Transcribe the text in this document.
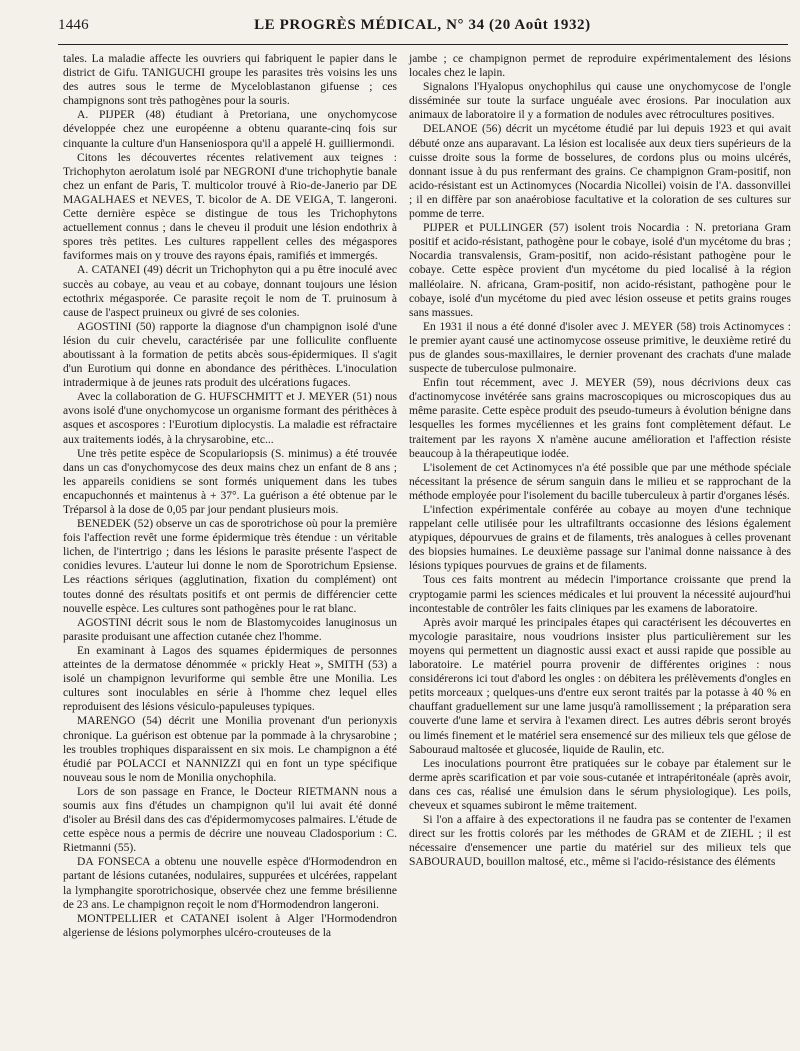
1446	LE PROGRÈS MÉDICAL, N° 34 (20 Août 1932)

tales. La maladie affecte les ouvriers qui fabriquent le papier dans le district de Gifu. TANIGUCHI groupe les parasites très voisins les uns des autres sous le terme de Myceloblastanon gifuense ; ces champignons sont très pathogènes pour la souris.

A. PIJPER (48) étudiant à Pretoriana, une onychomycose développée chez une européenne a obtenu quarante-cinq fois sur cinquante la culture d'un Hanseniospora qu'il a appelé H. guilliermondi.

Citons les découvertes récentes relativement aux teignes : Trichophyton aerolatum isolé par NEGRONI d'une trichophytie banale chez un enfant de Paris, T. multicolor trouvé à Rio-de-Janerio par DE MAGALHAES et NEVES, T. bicolor de A. DE VEIGA, T. langeroni. Cette dernière espèce se distingue de tous les Trichophytons actuellement connus ; dans le cheveu il produit une lésion endothrix à spores très petites. Les cultures rappellent celles des mégaspores faviformes mais on y trouve des rayons épais, ramifiés et immergés.

A. CATANEI (49) décrit un Trichophyton qui a pu être inoculé avec succès au cobaye, au veau et au cobaye, donnant toujours une lésion ectothrix mégasporée. Ce parasite reçoit le nom de T. pruinosum à cause de l'aspect pruineux ou givré de ses colonies.

AGOSTINI (50) rapporte la diagnose d'un champignon isolé d'une lésion du cuir chevelu, caractérisée par une folliculite confluente aboutissant à la formation de petits abcès sous-épidermiques. Il s'agit d'un Eurotium qui donne en abondance des périthèces. L'inoculation intradermique à de jeunes rats produit des ulcérations fugaces.

Avec la collaboration de G. HUFSCHMITT et J. MEYER (51) nous avons isolé d'une onychomycose un organisme formant des périthèces à asques et ascospores : l'Eurotium diplocystis. La maladie est réfractaire aux traitements iodés, à la chrysarobine, etc...

Une très petite espèce de Scopulariopsis (S. minimus) a été trouvée dans un cas d'onychomycose des deux mains chez un enfant de 8 ans ; les appareils conidiens se sont formés uniquement dans les tubes encapuchonnés et maintenus à + 37°. La guérison a été obtenue par le Tréparsol à la dose de 0,05 par jour pendant plusieurs mois.

BENEDEK (52) observe un cas de sporotrichose où pour la première fois l'affection revêt une forme épidermique très étendue : un véritable lichen, de l'intertrigo ; dans les lésions le parasite présente l'aspect de conidies levures. L'auteur lui donne le nom de Sporotrichum Epsiense. Les réactions sériques (agglutination, fixation du complément) ont toutes donné des résultats positifs et ont permis de différencier cette nouvelle espèce. Les cultures sont pathogènes pour le rat blanc.

AGOSTINI décrit sous le nom de Blastomycoides lanuginosus un parasite produisant une affection cutanée chez l'homme.

En examinant à Lagos des squames épidermiques de personnes atteintes de la dermatose dénommée « prickly Heat », SMITH (53) a isolé un champignon levuriforme qui semble être une Monilia. Les cultures sont inoculables en série à l'homme chez lequel elles reproduisent des lésions vésiculo-papuleuses typiques.

MARENGO (54) décrit une Monilia provenant d'un perionyxis chronique. La guérison est obtenue par la pommade à la chrysarobine ; les troubles trophiques disparaissent en six mois. Le champignon a été étudié par POLACCI et NANNIZZI qui en font un type spécifique nouveau sous le nom de Monilia onychophila.

Lors de son passage en France, le Docteur RIETMANN nous a soumis aux fins d'études un champignon qu'il lui avait été donné d'isoler au Brésil dans des cas d'épidermomycoses palmaires. L'étude de cette espèce nous a permis de décrire une nouveau Cladosporium : C. Rietmanni (55).

DA FONSECA a obtenu une nouvelle espèce d'Hormodendron en partant de lésions cutanées, nodulaires, suppurées et ulcérées, rappelant la lymphangite sporotrichosique, observée chez une femme brésilienne de 23 ans. Le champignon reçoit le nom d'Hormodendron langeroni.

MONTPELLIER et CATANEI isolent à Alger l'Hormodendron algeriense de lésions polymorphes ulcéro-crouteuses de la

jambe ; ce champignon permet de reproduire expérimentalement des lésions locales chez le lapin.

Signalons l'Hyalopus onychophilus qui cause une onychomycose de l'ongle disséminée sur toute la surface unguéale avec érosions. Par inoculation aux animaux de laboratoire il y a formation de nodules avec rétrocultures positives.

DELANOE (56) décrit un mycétome étudié par lui depuis 1923 et qui avait débuté onze ans auparavant. La lésion est localisée aux deux tiers supérieurs de la cuisse droite sous la forme de bosselures, de cordons plus ou moins ulcérés, donnant issue à du pus renfermant des grains. Ce champignon Gram-positif, non acido-résistant est un Actinomyces (Nocardia Nicollei) voisin de l'A. dassonvillei ; il en diffère par son anaérobiose facultative et la coloration de ses cultures sur pomme de terre.

PIJPER et PULLINGER (57) isolent trois Nocardia : N. pretoriana Gram positif et acido-résistant, pathogène pour le cobaye, isolé d'un mycétome du bras ; Nocardia transvalensis, Gram-positif, non acido-résistant pathogène pour le cobaye. Cette espèce provient d'un mycétome du pied localisé à la région malléolaire. N. africana, Gram-positif, non acido-résistant, pathogène pour le cobaye, isolé d'un mycétome du pied avec lésion osseuse et petits grains rouges sans massues.

En 1931 il nous a été donné d'isoler avec J. MEYER (58) trois Actinomyces : le premier ayant causé une actinomycose osseuse primitive, le deuxième retiré du pus de glandes sous-maxillaires, le dernier provenant des crachats d'une malade suspecte de tuberculose pulmonaire.

Enfin tout récemment, avec J. MEYER (59), nous décrivions deux cas d'actinomycose invétérée sans grains macroscopiques ou microscopiques dus au même parasite. Cette espèce produit des pseudo-tumeurs à évolution bénigne dans lesquelles les formes mycéliennes et les grains font complètement défaut. Le traitement par les rayons X n'amène aucune amélioration et l'affection résiste beaucoup à la thérapeutique iodée.

L'isolement de cet Actinomyces n'a été possible que par une méthode spéciale nécessitant la présence de sérum sanguin dans le milieu et se rapprochant de la méthode employée pour l'isolement du bacille tuberculeux à partir d'organes lésés.

L'infection expérimentale conférée au cobaye au moyen d'une technique rappelant celle utilisée pour les ultrafiltrants occasionne des lésions également atypiques, dépourvues de grains et de filaments, très analogues à celles provenant des biopsies humaines. Le deuxième passage sur l'animal donne naissance à des lésions typiques pourvues de grains et de filaments.

Tous ces faits montrent au médecin l'importance croissante que prend la cryptogamie parmi les sciences médicales et lui prouvent la nécessité aujourd'hui incontestable de contrôler les faits cliniques par les examens de laboratoire.

Après avoir marqué les principales étapes qui caractérisent les découvertes en mycologie parasitaire, nous voudrions insister plus particulièrement sur les moyens qui permettent un diagnostic aussi exact et aussi rapide que possible au laboratoire. Le matériel pourra provenir de différentes origines : nous considérerons ici tout d'abord les ongles : on débitera les prélèvements d'ongles en petits morceaux ; quelques-uns d'entre eux seront traités par la potasse à 40 % en chauffant graduellement sur une lame jusqu'à ramollissement ; la préparation sera couverte d'une lame et servira à l'examen direct. Les autres débris seront broyés ou limés finement et le matériel sera ensemencé sur des milieux tels que gélose de Sabouraud maltosée et glucosée, liquide de Raulin, etc.

Les inoculations pourront être pratiquées sur le cobaye par étalement sur le derme après scarification et par voie sous-cutanée et intrapéritonéale (après avoir, dans ces cas, réalisé une émulsion dans le sérum physiologique). Les poils, cheveux et squames subiront le même traitement.

Si l'on a affaire à des expectorations il ne faudra pas se contenter de l'examen direct sur les frottis colorés par les méthodes de GRAM et de ZIEHL ; il est nécessaire d'ensemencer une partie du matériel sur des milieux tels que SABOURAUD, bouillon maltosé, etc., même si l'acido-résistance des éléments
